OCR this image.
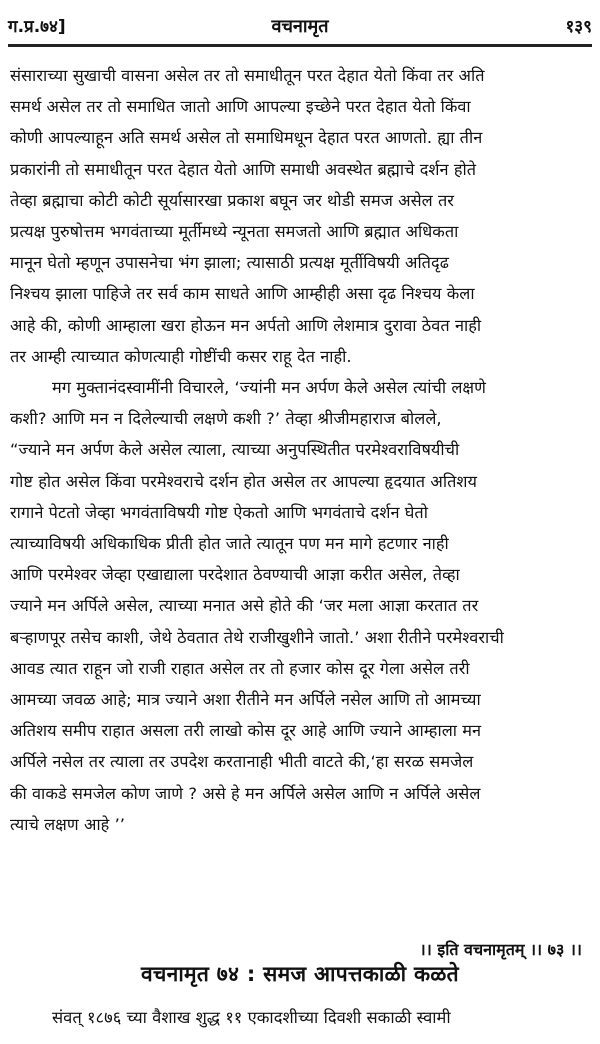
ग.प्र.७४]	वचनामृत	१३९
संसाराच्या सुखाची वासना असेल तर तो समाधीतून परत देहात येतो किंवा तर अति
समर्थ असेल तर तो समाधित जातो आणि आपल्या इच्छेने परत देहात येतो किंवा
कोणी आपल्याहून अति समर्थ असेल तो समाधिमधून देहात परत आणतो. ह्या तीन
प्रकारांनी तो समाधीतून परत देहात येतो आणि समाधी अवस्थेत ब्रह्माचे दर्शन होते
तेव्हा ब्रह्माचा कोटी कोटी सूर्यासारखा प्रकाश बघून जर थोडी समज असेल तर
प्रत्यक्ष पुरुषोत्तम भगवंताच्या मूर्तीमध्ये न्यूनता समजतो आणि ब्रह्मात अधिकता
मानून घेतो म्हणून उपासनेचा भंग झाला; त्यासाठी प्रत्यक्ष मूर्तीविषयी अतिदृढ
निश्चय झाला पाहिजे तर सर्व काम साधते आणि आम्हीही असा दृढ निश्चय केला
आहे की, कोणी आम्हाला खरा होऊन मन अर्पतो आणि लेशमात्र दुरावा ठेवत नाही
तर आम्ही त्याच्यात कोणत्याही गोष्टींची कसर राहू देत नाही.
मग मुक्तानंदस्वामींनी विचारले, ‘ज्यांनी मन अर्पण केले असेल त्यांची लक्षणे
कशी? आणि मन न दिलेल्याची लक्षणे कशी ?’ तेव्हा श्रीजीमहाराज बोलले,
“ज्याने मन अर्पण केले असेल त्याला, त्याच्या अनुपस्थितीत परमेश्वराविषयीची
गोष्ट होत असेल किंवा परमेश्वराचे दर्शन होत असेल तर आपल्या हृदयात अतिशय
रागाने पेटतो जेव्हा भगवंताविषयी गोष्ट ऐकतो आणि भगवंताचे दर्शन घेतो
त्याच्याविषयी अधिकाधिक प्रीती होत जाते त्यातून पण मन मागे हटणार नाही
आणि परमेश्वर जेव्हा एखाद्याला परदेशात ठेवण्याची आज्ञा करीत असेल, तेव्हा
ज्याने मन अर्पिले असेल, त्याच्या मनात असे होते की ‘जर मला आज्ञा करतात तर
बऱ्हाणपूर तसेच काशी, जेथे ठेवतात तेथे राजीखुशीने जातो.’ अशा रीतीने परमेश्वराची
आवड त्यात राहून जो राजी राहात असेल तर तो हजार कोस दूर गेला असेल तरी
आमच्या जवळ आहे; मात्र ज्याने अशा रीतीने मन अर्पिले नसेल आणि तो आमच्या
अतिशय समीप राहात असला तरी लाखो कोस दूर आहे आणि ज्याने आम्हाला मन
अर्पिले नसेल तर त्याला तर उपदेश करतानाही भीती वाटते की,‘हा सरळ समजेल
की वाकडे समजेल कोण जाणे ? असे हे मन अर्पिले असेल आणि न अर्पिले असेल
त्याचे लक्षण आहे ’’
।। इति वचनामृतम् ।। ७३ ।।
वचनामृत ७४ : समज आपत्तकाळी कळते
संवत् १८७६ च्या वैशाख शुद्ध ११ एकादशीच्या दिवशी सकाळी स्वामी
